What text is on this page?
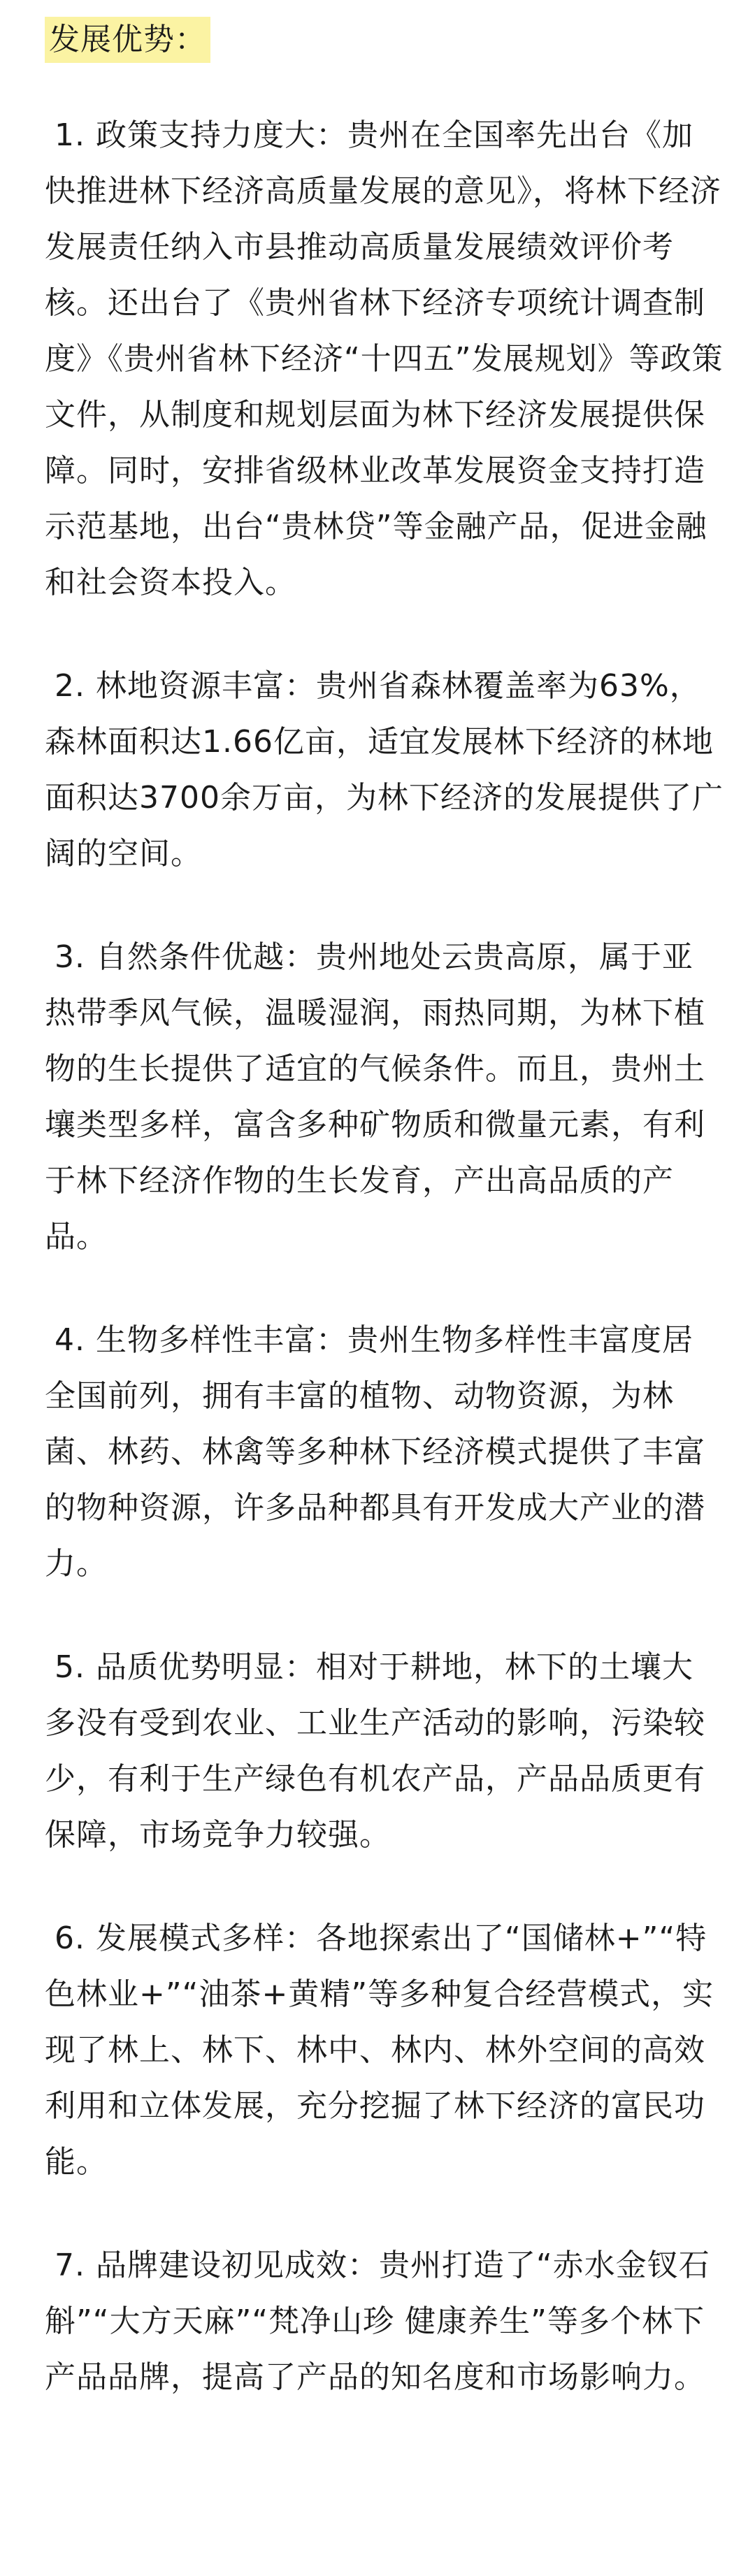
发展优势：
1. 政策支持力度大：贵州在全国率先出台《加快推进林下经济高质量发展的意见》，将林下经济发展责任纳入市县推动高质量发展绩效评价考核。还出台了《贵州省林下经济专项统计调查制度》《贵州省林下经济“十四五”发展规划》等政策文件，从制度和规划层面为林下经济发展提供保障。同时，安排省级林业改革发展资金支持打造示范基地，出台“贵林贷”等金融产品，促进金融和社会资本投入。
2. 林地资源丰富：贵州省森林覆盖率为63%，森林面积达1.66亿亩，适宜发展林下经济的林地面积达3700余万亩，为林下经济的发展提供了广阔的空间。
3. 自然条件优越：贵州地处云贵高原，属于亚热带季风气候，温暖湿润，雨热同期，为林下植物的生长提供了适宜的气候条件。而且，贵州土壤类型多样，富含多种矿物质和微量元素，有利于林下经济作物的生长发育，产出高品质的产品。
4. 生物多样性丰富：贵州生物多样性丰富度居全国前列，拥有丰富的植物、动物资源，为林菌、林药、林禽等多种林下经济模式提供了丰富的物种资源，许多品种都具有开发成大产业的潜力。
5. 品质优势明显：相对于耕地，林下的土壤大多没有受到农业、工业生产活动的影响，污染较少，有利于生产绿色有机农产品，产品品质更有保障，市场竞争力较强。
6. 发展模式多样：各地探索出了“国储林+”“特色林业+”“油茶+黄精”等多种复合经营模式，实现了林上、林下、林中、林内、林外空间的高效利用和立体发展，充分挖掘了林下经济的富民功能。
7. 品牌建设初见成效：贵州打造了“赤水金钗石斛”“大方天麻”“梵净山珍 健康养生”等多个林下产品品牌，提高了产品的知名度和市场影响力。
